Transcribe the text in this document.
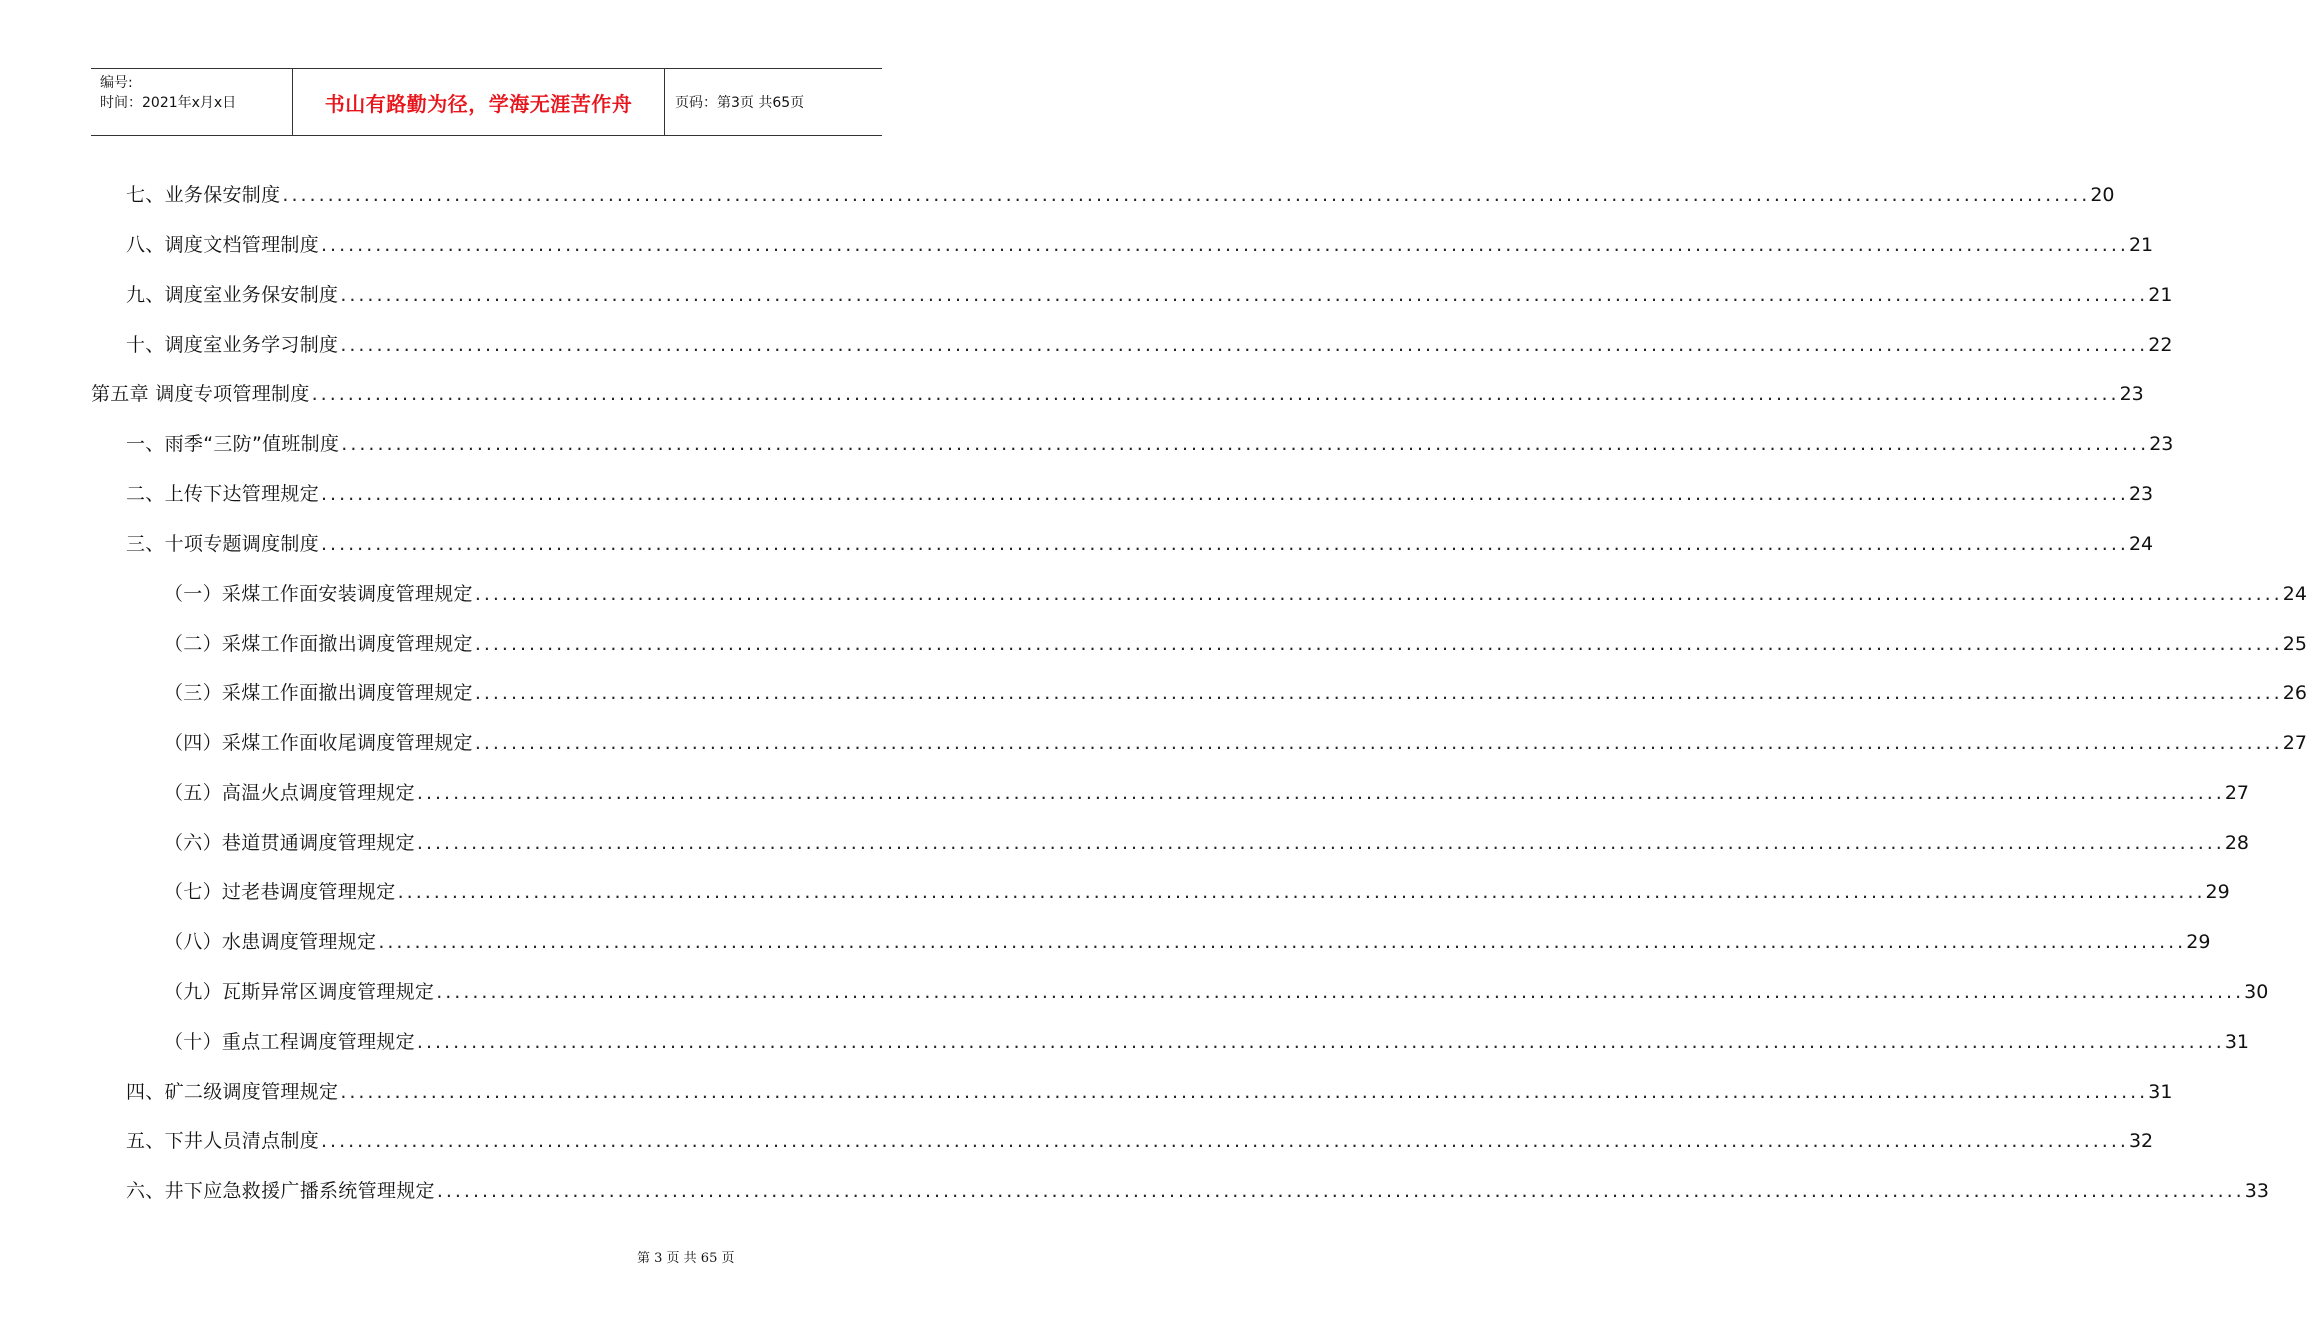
编号:
时间：2021年x月x日	书山有路勤为径，学海无涯苦作舟	页码：第3页 共65页
七、业务保安制度 ........................................................................................................................................................................................................ 20
八、调度文档管理制度 ........................................................................................................................................................................................................ 21
九、调度室业务保安制度 ........................................................................................................................................................................................................ 21
十、调度室业务学习制度 ........................................................................................................................................................................................................ 22
第五章 调度专项管理制度 ........................................................................................................................................................................................................ 23
一、雨季“三防”值班制度 ........................................................................................................................................................................................................ 23
二、上传下达管理规定 ........................................................................................................................................................................................................ 23
三、十项专题调度制度 ........................................................................................................................................................................................................ 24
（一）采煤工作面安装调度管理规定 ........................................................................................................................................................................................................ 24
（二）采煤工作面撤出调度管理规定 ........................................................................................................................................................................................................ 25
（三）采煤工作面撤出调度管理规定 ........................................................................................................................................................................................................ 26
（四）采煤工作面收尾调度管理规定 ........................................................................................................................................................................................................ 27
（五）高温火点调度管理规定 ........................................................................................................................................................................................................ 27
（六）巷道贯通调度管理规定 ........................................................................................................................................................................................................ 28
（七）过老巷调度管理规定 ........................................................................................................................................................................................................ 29
（八）水患调度管理规定 ........................................................................................................................................................................................................ 29
（九）瓦斯异常区调度管理规定 ........................................................................................................................................................................................................ 30
（十）重点工程调度管理规定 ........................................................................................................................................................................................................ 31
四、矿二级调度管理规定 ........................................................................................................................................................................................................ 31
五、下井人员清点制度 ........................................................................................................................................................................................................ 32
六、井下应急救援广播系统管理规定 ........................................................................................................................................................................................................ 33
第 3 页 共 65 页
